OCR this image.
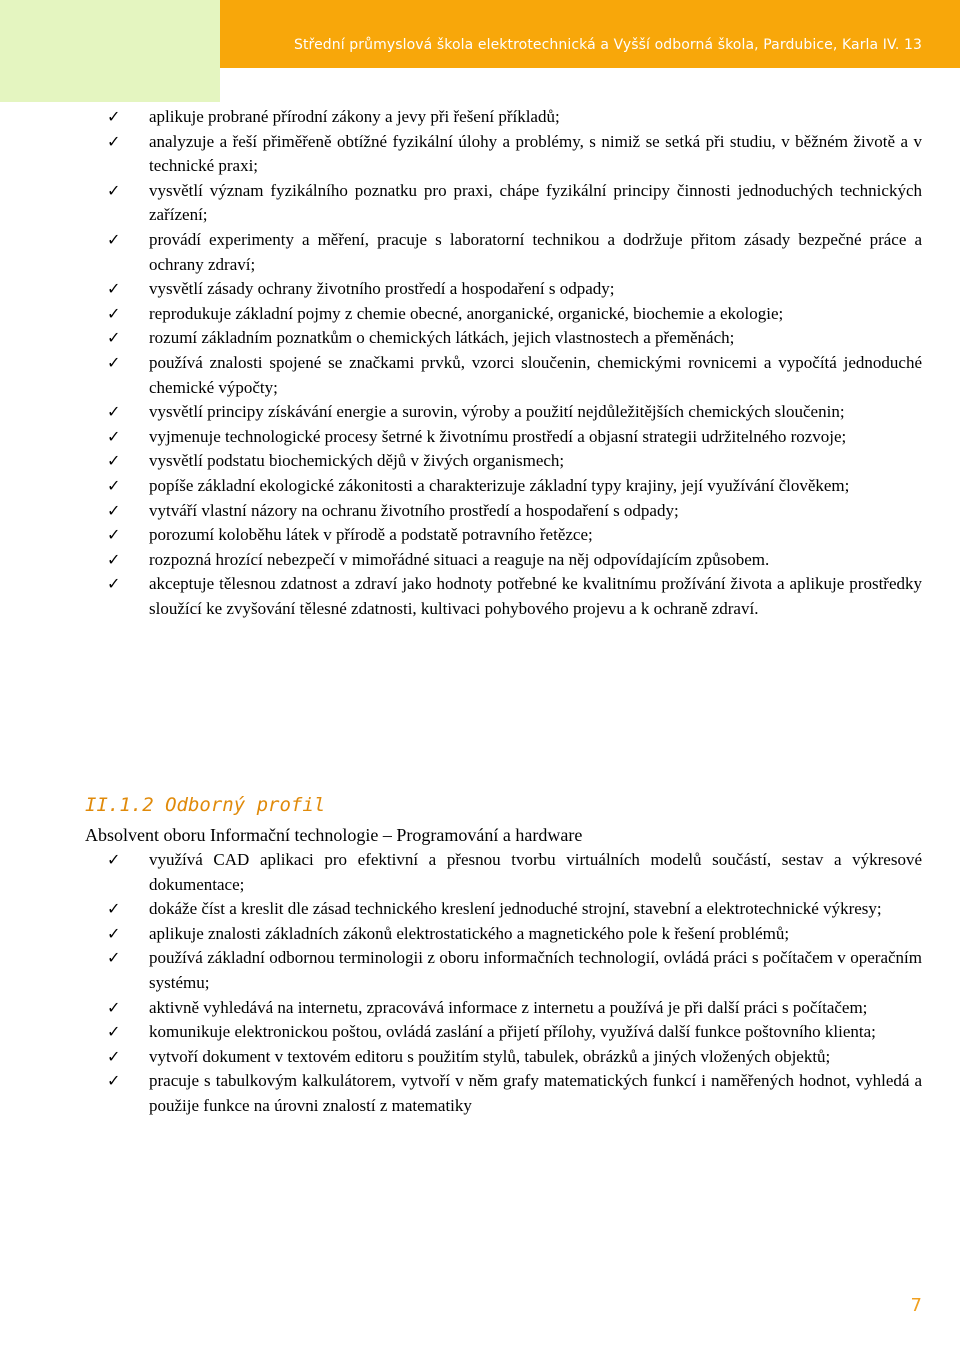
Střední průmyslová škola elektrotechnická a Vyšší odborná škola, Pardubice, Karla IV. 13
✓ aplikuje probrané přírodní zákony a jevy při řešení příkladů;
✓ analyzuje a řeší přiměřeně obtížné fyzikální úlohy a problémy, s nimiž se setká při studiu, v běžném životě a v technické praxi;
✓ vysvětlí význam fyzikálního poznatku pro praxi, chápe fyzikální principy činnosti jednoduchých technických zařízení;
✓ provádí experimenty a měření, pracuje s laboratorní technikou a dodržuje přitom zásady bezpečné práce a ochrany zdraví;
✓ vysvětlí zásady ochrany životního prostředí a hospodaření s odpady;
✓ reprodukuje základní pojmy z chemie obecné, anorganické, organické, biochemie a ekologie;
✓ rozumí základním poznatkům o chemických látkách, jejich vlastnostech a přeměnách;
✓ používá znalosti spojené se značkami prvků, vzorci sloučenin, chemickými rovnicemi a vypočítá jednoduché chemické výpočty;
✓ vysvětlí principy získávání energie a surovin, výroby a použití nejdůležitějších chemických sloučenin;
✓ vyjmenuje technologické procesy šetrné k životnímu prostředí a objasní strategii udržitelného rozvoje;
✓ vysvětlí podstatu biochemických dějů v živých organismech;
✓ popíše základní ekologické zákonitosti a charakterizuje základní typy krajiny, její využívání člověkem;
✓ vytváří vlastní názory na ochranu životního prostředí a hospodaření s odpady;
✓ porozumí koloběhu látek v přírodě a podstatě potravního řetězce;
✓ rozpozná hrozící nebezpečí v mimořádné situaci a reaguje na něj odpovídajícím způsobem.
✓ akceptuje tělesnou zdatnost a zdraví jako hodnoty potřebné ke kvalitnímu prožívání života a aplikuje prostředky sloužící ke zvyšování tělesné zdatnosti, kultivaci pohybového projevu a k ochraně zdraví.
II.1.2 Odborný profil
Absolvent oboru Informační technologie – Programování a hardware
✓ využívá CAD aplikaci pro efektivní a přesnou tvorbu virtuálních modelů součástí, sestav a výkresové dokumentace;
✓ dokáže číst a kreslit dle zásad technického kreslení jednoduché strojní, stavební a elektrotechnické výkresy;
✓ aplikuje znalosti základních zákonů elektrostatického a magnetického pole k řešení problémů;
✓ používá základní odbornou terminologii z oboru informačních technologií, ovládá práci s počítačem v operačním systému;
✓ aktivně vyhledává na internetu, zpracovává informace z internetu a používá je při další práci s počítačem;
✓ komunikuje elektronickou poštou, ovládá zaslání a přijetí přílohy, využívá další funkce poštovního klienta;
✓ vytvoří dokument v textovém editoru s použitím stylů, tabulek, obrázků a jiných vložených objektů;
✓ pracuje s tabulkovým kalkulátorem, vytvoří v něm grafy matematických funkcí i naměřených hodnot, vyhledá a použije funkce na úrovni znalostí z matematiky
7
